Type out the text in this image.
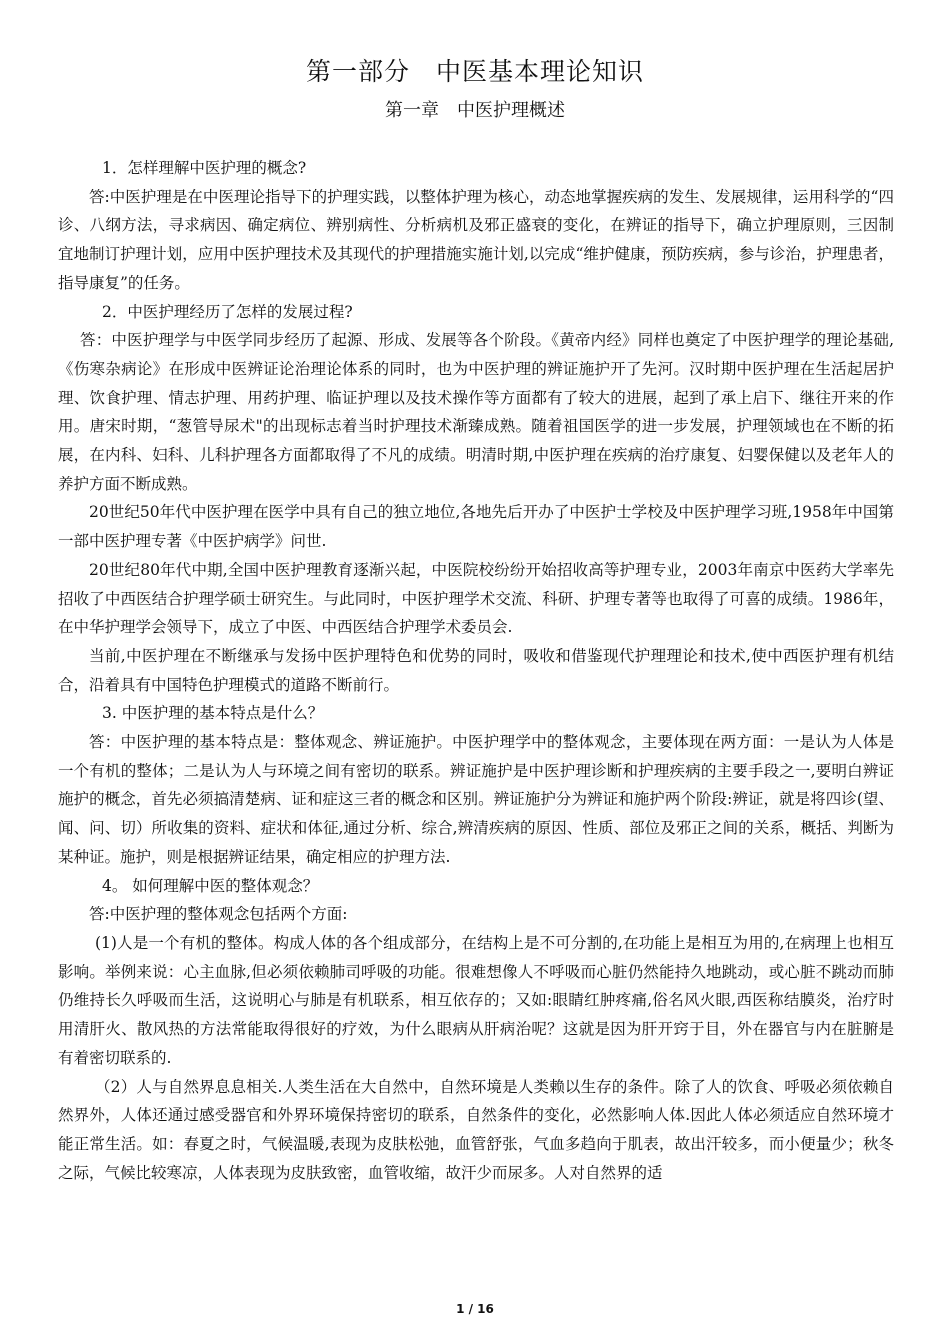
第一部分　中医基本理论知识
第一章　中医护理概述

1．怎样理解中医护理的概念?

答:中医护理是在中医理论指导下的护理实践，以整体护理为核心，动态地掌握疾病的发生、发展规律，运用科学的“四诊、八纲方法，寻求病因、确定病位、辨别病性、分析病机及邪正盛衰的变化，在辨证的指导下，确立护理原则，三因制宜地制订护理计划，应用中医护理技术及其现代的护理措施实施计划,以完成“维护健康，预防疾病，参与诊治，护理患者，指导康复”的任务。

2．中医护理经历了怎样的发展过程?

答：中医护理学与中医学同步经历了起源、形成、发展等各个阶段。《黄帝内经》同样也奠定了中医护理学的理论基础,《伤寒杂病论》在形成中医辨证论治理论体系的同时，也为中医护理的辨证施护开了先河。汉时期中医护理在生活起居护理、饮食护理、情志护理、用药护理、临证护理以及技术操作等方面都有了较大的进展，起到了承上启下、继往开来的作用。唐宋时期，“葱管导尿术"的出现标志着当时护理技术渐臻成熟。随着祖国医学的进一步发展，护理领域也在不断的拓展，在内科、妇科、儿科护理各方面都取得了不凡的成绩。明清时期,中医护理在疾病的治疗康复、妇婴保健以及老年人的养护方面不断成熟。

20世纪50年代中医护理在医学中具有自己的独立地位,各地先后开办了中医护士学校及中医护理学习班,1958年中国第一部中医护理专著《中医护病学》问世.

20世纪80年代中期,全国中医护理教育逐渐兴起，中医院校纷纷开始招收高等护理专业，2003年南京中医药大学率先招收了中西医结合护理学硕士研究生。与此同时，中医护理学术交流、科研、护理专著等也取得了可喜的成绩。1986年，在中华护理学会领导下，成立了中医、中西医结合护理学术委员会.

当前,中医护理在不断继承与发扬中医护理特色和优势的同时，吸收和借鉴现代护理理论和技术,使中西医护理有机结合，沿着具有中国特色护理模式的道路不断前行。

3. 中医护理的基本特点是什么？

答：中医护理的基本特点是：整体观念、辨证施护。中医护理学中的整体观念，主要体现在两方面：一是认为人体是一个有机的整体；二是认为人与环境之间有密切的联系。辨证施护是中医护理诊断和护理疾病的主要手段之一,要明白辨证施护的概念，首先必须搞清楚病、证和症这三者的概念和区别。辨证施护分为辨证和施护两个阶段:辨证，就是将四诊(望、闻、问、切）所收集的资料、症状和体征,通过分析、综合,辨清疾病的原因、性质、部位及邪正之间的关系，概括、判断为某种证。施护，则是根据辨证结果，确定相应的护理方法.

4。 如何理解中医的整体观念？

答:中医护理的整体观念包括两个方面:

(1)人是一个有机的整体。构成人体的各个组成部分，在结构上是不可分割的,在功能上是相互为用的,在病理上也相互影响。举例来说：心主血脉,但必须依赖肺司呼吸的功能。很难想像人不呼吸而心脏仍然能持久地跳动，或心脏不跳动而肺仍维持长久呼吸而生活，这说明心与肺是有机联系，相互依存的；又如:眼睛红肿疼痛,俗名风火眼,西医称结膜炎，治疗时用清肝火、散风热的方法常能取得很好的疗效，为什么眼病从肝病治呢？这就是因为肝开窍于目，外在器官与内在脏腑是有着密切联系的.

（2）人与自然界息息相关.人类生活在大自然中，自然环境是人类赖以生存的条件。除了人的饮食、呼吸必须依赖自然界外，人体还通过感受器官和外界环境保持密切的联系，自然条件的变化，必然影响人体.因此人体必须适应自然环境才能正常生活。如：春夏之时，气候温暖,表现为皮肤松弛，血管舒张，气血多趋向于肌表，故出汗较多，而小便量少；秋冬之际，气候比较寒凉，人体表现为皮肤致密，血管收缩，故汗少而尿多。人对自然界的适

1 / 16
